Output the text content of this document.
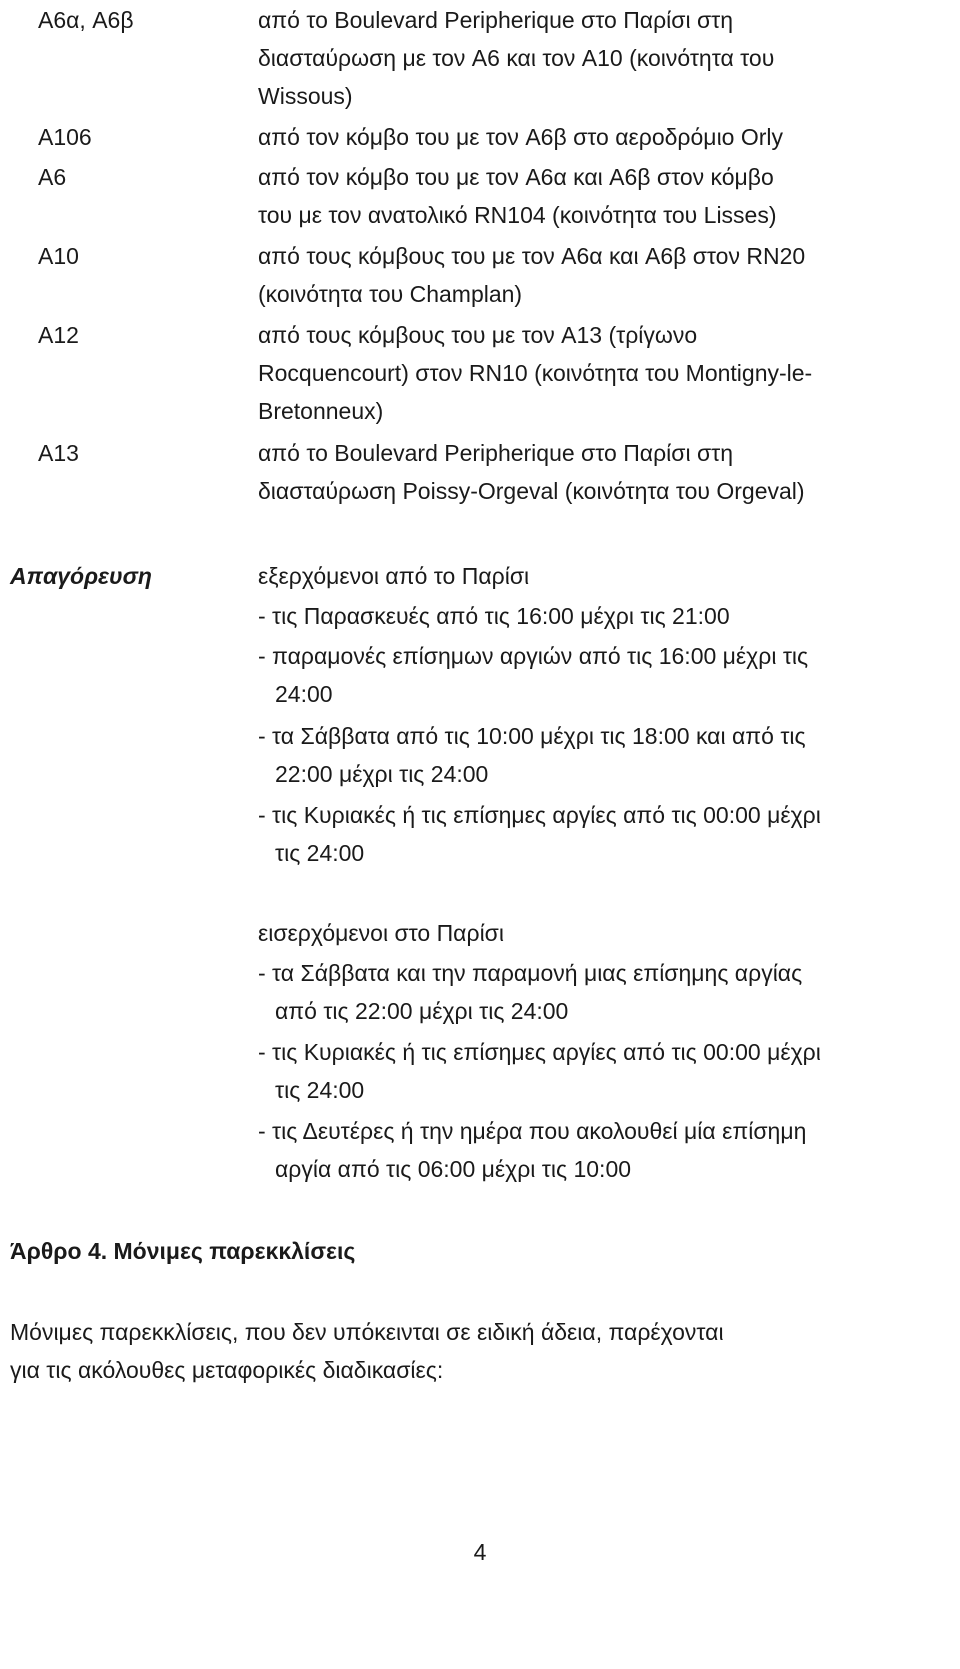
A6α, A6β	από το Boulevard Peripherique στο Παρίσι στη
διασταύρωση με τον A6 και τον A10 (κοινότητα του
Wissous)
A106	από τον κόμβο του με τον A6β στο αεροδρόμιο Orly
A6	από τον κόμβο του με τον A6α και A6β στον κόμβο
του με τον ανατολικό RN104 (κοινότητα του Lisses)
A10	από τους κόμβους του με τον A6α και A6β στον RN20
(κοινότητα του Champlan)
A12	από τους κόμβους του με τον A13 (τρίγωνο
Rocquencourt) στον RN10 (κοινότητα του Montigny-le-
Bretonneux)
A13	από το Boulevard Peripherique στο Παρίσι στη
διασταύρωση Poissy-Orgeval (κοινότητα του Orgeval)
Απαγόρευση	εξερχόμενοι από το Παρίσι
- τις Παρασκευές από τις 16:00 μέχρι τις 21:00
- παραμονές επίσημων αργιών από τις 16:00 μέχρι τις
24:00
- τα Σάββατα από τις 10:00 μέχρι τις 18:00 και από τις
22:00 μέχρι τις 24:00
- τις Κυριακές ή τις επίσημες αργίες από τις 00:00 μέχρι
τις 24:00
εισερχόμενοι στο Παρίσι
- τα Σάββατα και την παραμονή μιας επίσημης αργίας
από τις 22:00 μέχρι τις 24:00
- τις Κυριακές ή τις επίσημες αργίες από τις 00:00 μέχρι
τις 24:00
- τις Δευτέρες ή την ημέρα που ακολουθεί μία επίσημη
αργία από τις 06:00 μέχρι τις 10:00
Άρθρο 4. Μόνιμες παρεκκλίσεις
Μόνιμες παρεκκλίσεις, που δεν υπόκεινται σε ειδική άδεια, παρέχονται
για τις ακόλουθες μεταφορικές διαδικασίες:
4
